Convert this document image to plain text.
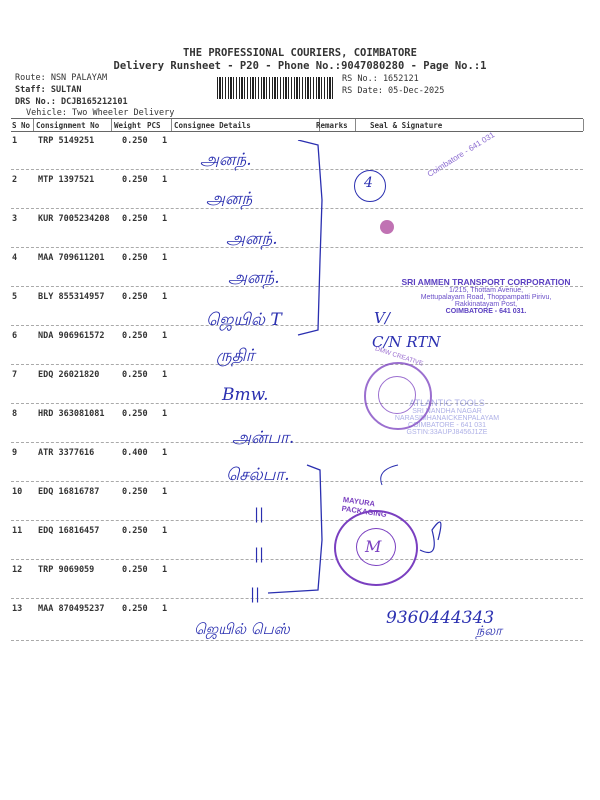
THE PROFESSIONAL COURIERS, COIMBATORE
Delivery Runsheet - P20 - Phone No.:9047080280 - Page No.:1
Route: NSN PALAYAM
Staff: SULTAN
DRS No.: DCJB165212101
Vehicle: Two Wheeler Delivery
RS No.: 1652121
RS Date: 05-Dec-2025
S No Consignment No Weight PCS Consignee Details	Remarks	Seal & Signature
1 TRP 5149251	0.250 1
2 MTP 1397521	0.250 1
3 KUR 7005234208 0.250 1
4 MAA 709611201 0.250 1
5 BLY 855314957 0.250 1
6 NDA 906961572 0.250 1
7 EDQ 26021820	0.250 1
8 HRD 363081081 0.250 1
9 ATR 3377616	0.400 1
10 EDQ 16816787	0.250 1
11 EDQ 16816457	0.250 1
12 TRP 9069059	0.250 1
13 MAA 870495237 0.250 1
அனந்.
அனந்
அனந்.
அனந்.
ஜெயில் T	V/
ருதிர்
C/N RTN
Bmw.
அன்பா.
செல்பா.
||
||
||
ஜெயில் பெஸ்
9360444343
ந்லா
4
Coimbatore - 641 031
SRI AMMEN TRANSPORT CORPORATION
1/215, Thottam Avenue,
Mettupalayam Road, Thoppampatti Pirivu,
Rakkinatayam Post,
COIMBATORE - 641 031.
ATLANTIC TOOLS
SRI NANDHA NAGAR
NARASIMHANAICKENPALAYAM
COIMBATORE - 641 031
GSTIN:33AUPJ8456J1ZE
DMW CREATIVE
M
MAYURA PACKAGING
